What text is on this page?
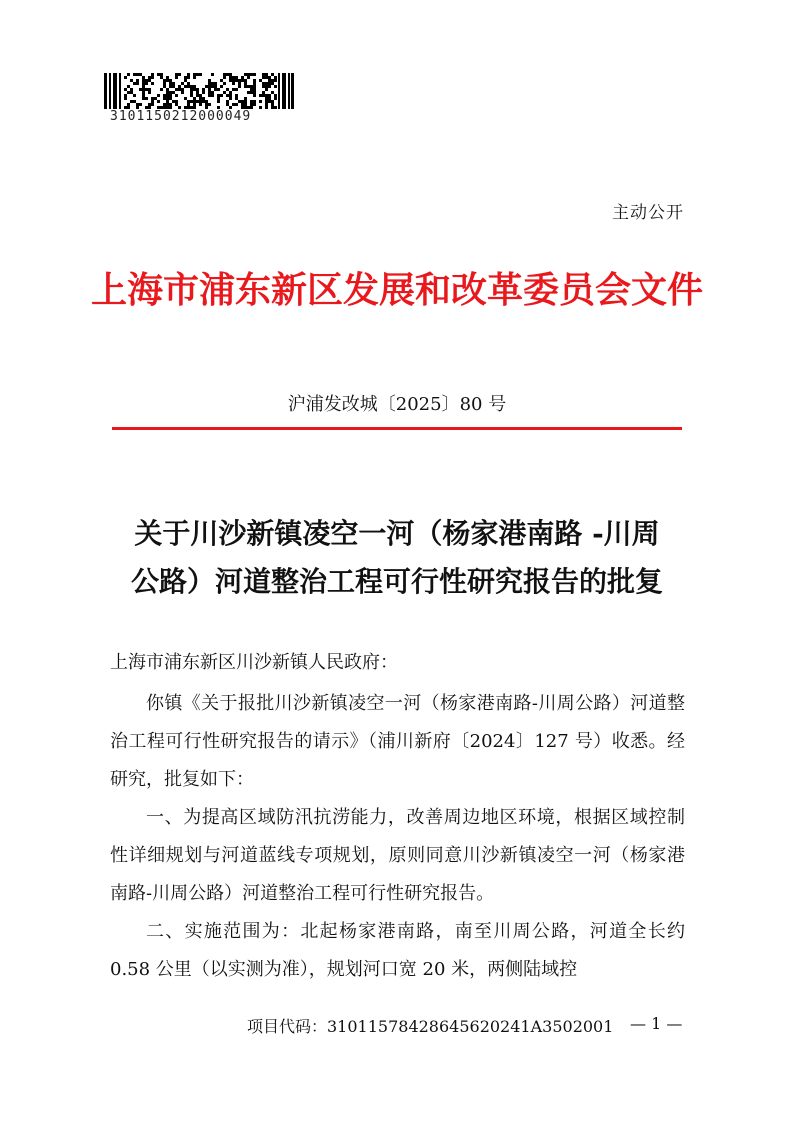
3101150212000049
主动公开
上海市浦东新区发展和改革委员会文件
沪浦发改城〔2025〕80 号
关于川沙新镇凌空一河（杨家港南路 -川周
公路）河道整治工程可行性研究报告的批复
上海市浦东新区川沙新镇人民政府：
你镇《关于报批川沙新镇凌空一河（杨家港南路-川周公路）河道整治工程可行性研究报告的请示》（浦川新府〔2024〕127 号）收悉。经研究，批复如下：
一、为提高区域防汛抗涝能力，改善周边地区环境，根据区域控制性详细规划与河道蓝线专项规划，原则同意川沙新镇凌空一河（杨家港南路-川周公路）河道整治工程可行性研究报告。
二、实施范围为：北起杨家港南路，南至川周公路，河道全长约 0.58 公里（以实测为准），规划河口宽 20 米，两侧陆域控
项目代码：31011578428645620241A3502001 — 1 —
